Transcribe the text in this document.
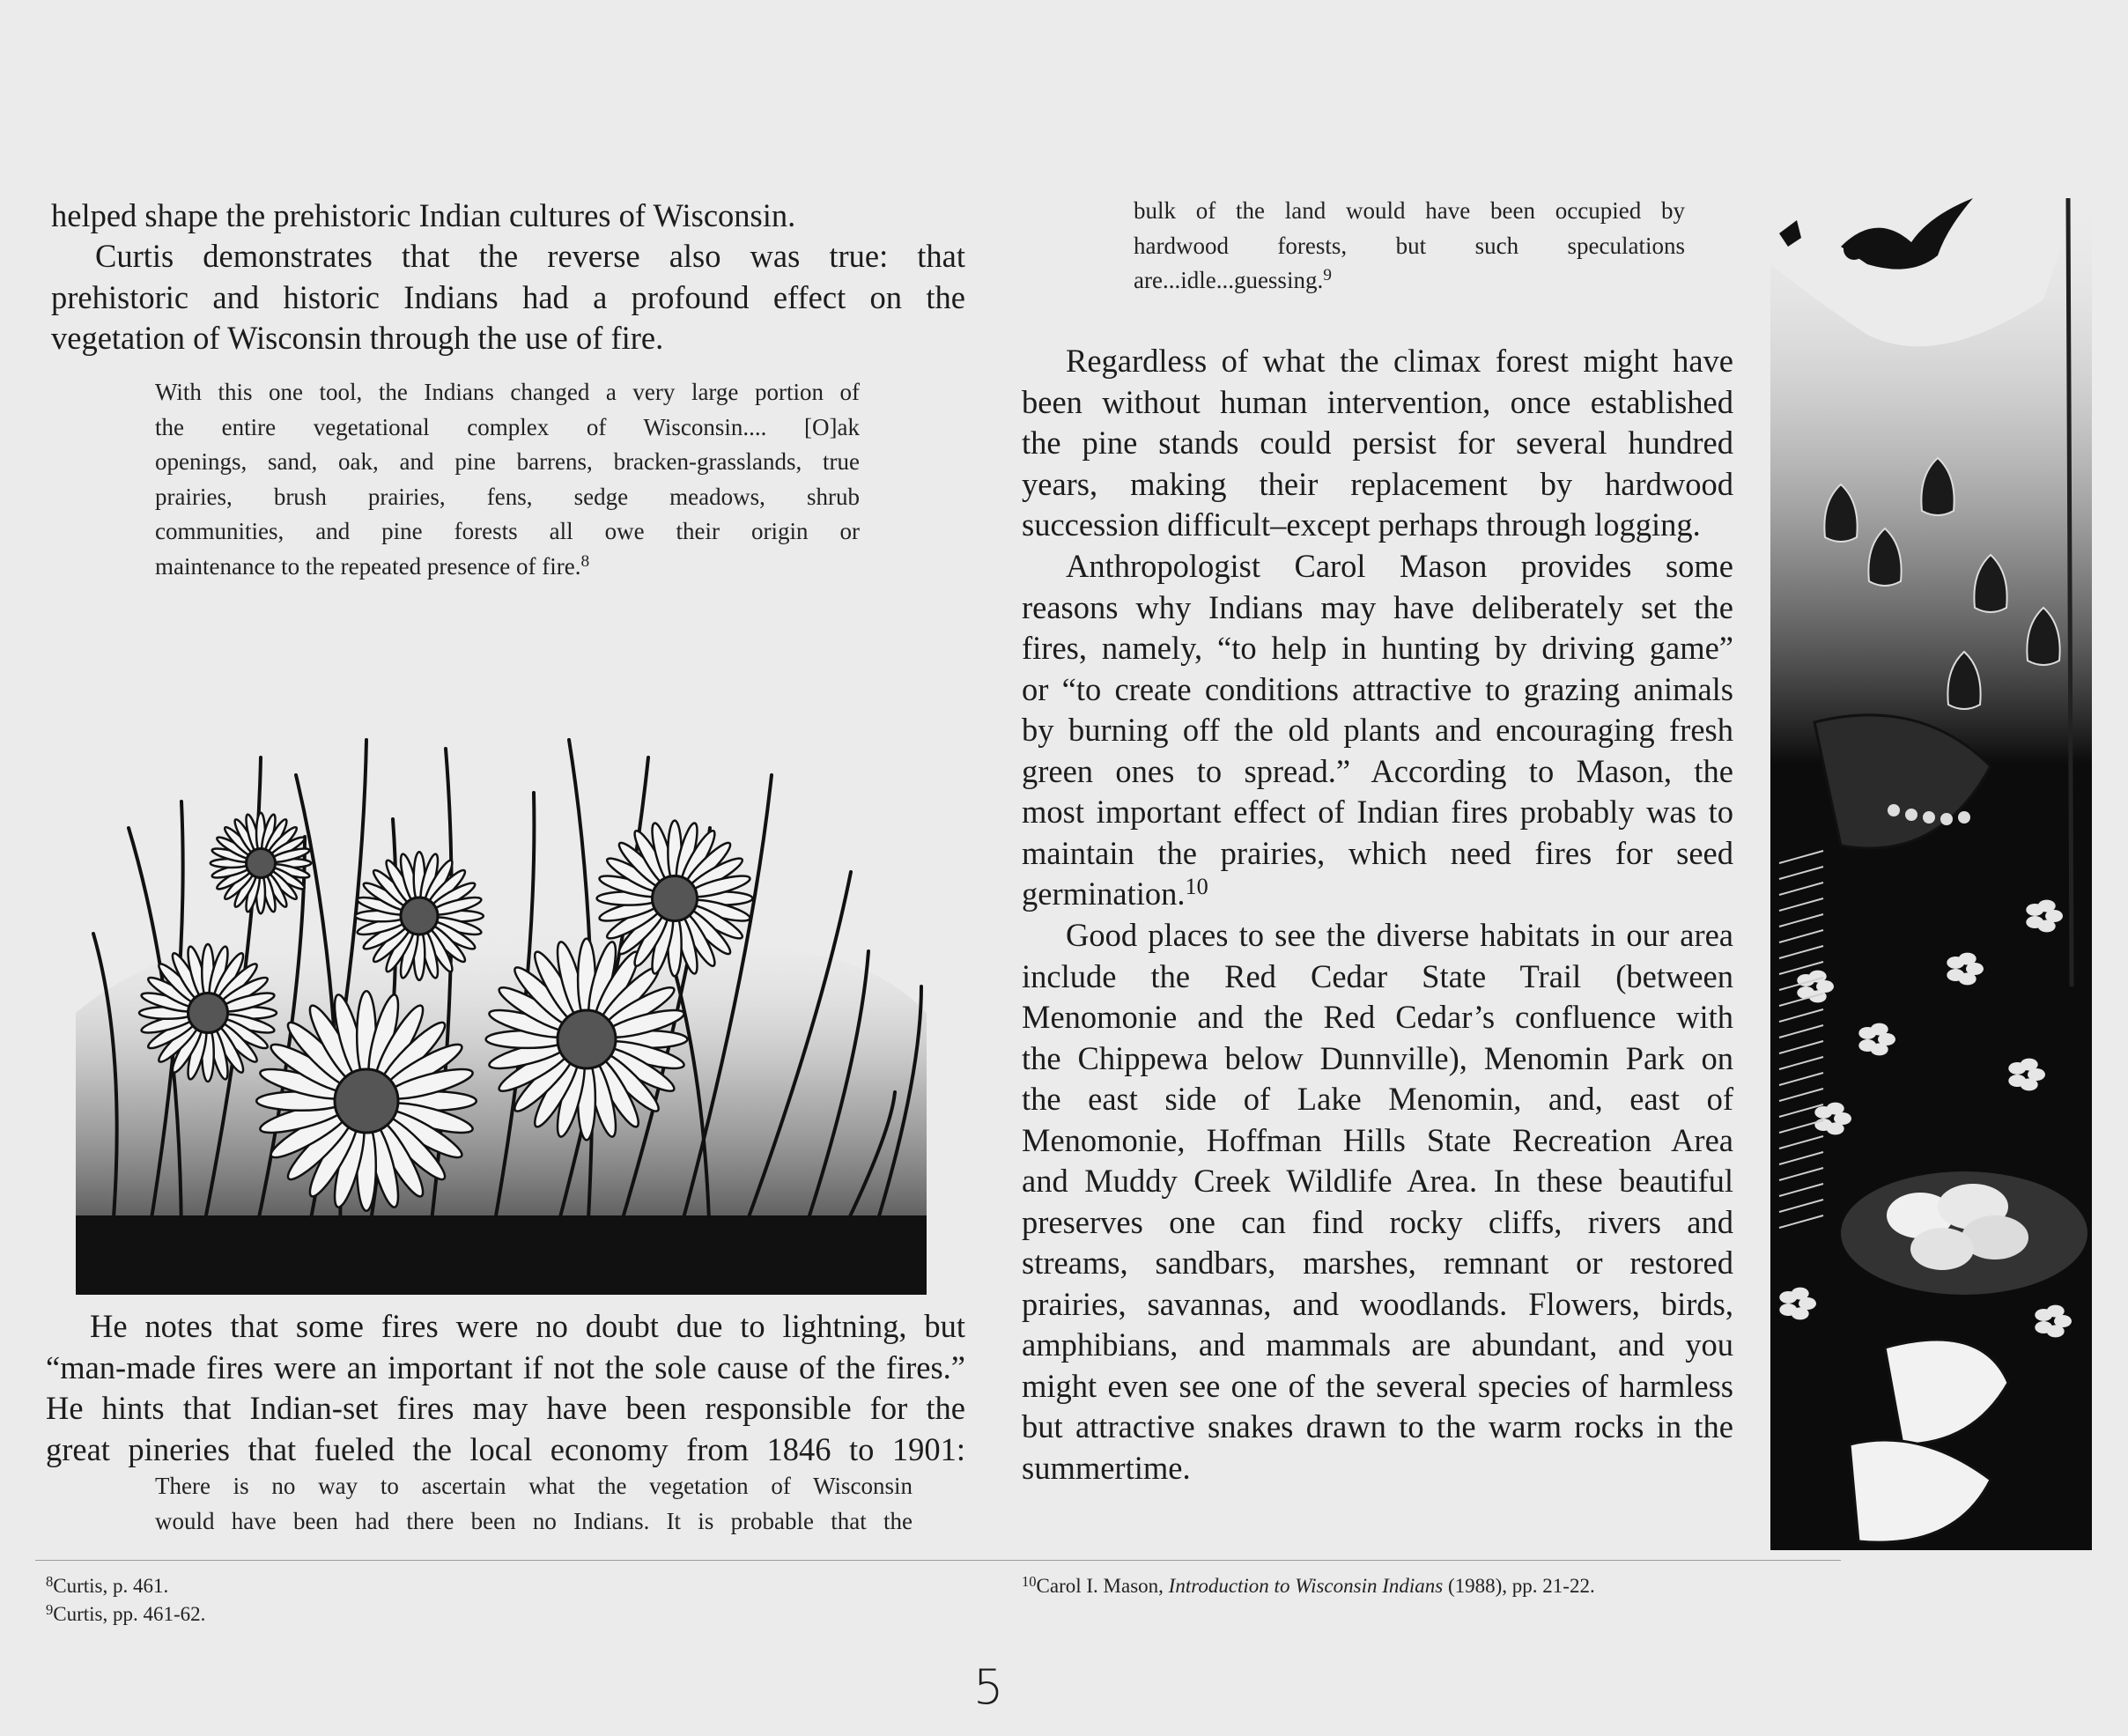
helped shape the prehistoric Indian cultures of Wisconsin.
Curtis demonstrates that the reverse also was true: that
prehistoric and historic Indians had a profound effect on the
vegetation of Wisconsin through the use of fire.
With this one tool, the Indians changed a very large portion of
the entire vegetational complex of Wisconsin.... [O]ak
openings, sand, oak, and pine barrens, bracken-grasslands, true
prairies, brush prairies, fens, sedge meadows, shrub
communities, and pine forests all owe their origin or
maintenance to the repeated presence of fire.$^8$
He notes that some fires were no doubt due to lightning, but
“man-made fires were an important if not the sole cause of the fires.”
He hints that Indian-set fires may have been responsible for the
great pineries that fueled the local economy from 1846 to 1901:
There is no way to ascertain what the vegetation of Wisconsin
would have been had there been no Indians. It is probable that the
bulk of the land would have been occupied by
hardwood forests, but such speculations
are...idle...guessing.$^9$
Regardless of what the climax forest might have
been without human intervention, once established
the pine stands could persist for several hundred
years, making their replacement by hardwood
succession difficult–except perhaps through logging.
Anthropologist Carol Mason provides some
reasons why Indians may have deliberately set the
fires, namely, “to help in hunting by driving game”
or “to create conditions attractive to grazing animals
by burning off the old plants and encouraging fresh
green ones to spread.” According to Mason, the
most important effect of Indian fires probably was to
maintain the prairies, which need fires for seed
germination.$^{10}$
Good places to see the diverse habitats in our area
include the Red Cedar State Trail (between
Menomonie and the Red Cedar’s confluence with
the Chippewa below Dunnville), Menomin Park on
the east side of Lake Menomin, and, east of
Menomonie, Hoffman Hills State Recreation Area
and Muddy Creek Wildlife Area. In these beautiful
preserves one can find rocky cliffs, rivers and
streams, sandbars, marshes, remnant or restored
prairies, savannas, and woodlands. Flowers, birds,
amphibians, and mammals are abundant, and you
might even see one of the several species of harmless
but attractive snakes drawn to the warm rocks in the
summertime.
$^8$Curtis, p. 461.
$^9$Curtis, pp. 461-62.
$^{10}$Carol I. Mason, Introduction to Wisconsin Indians (1988), pp. 21-22.
5
